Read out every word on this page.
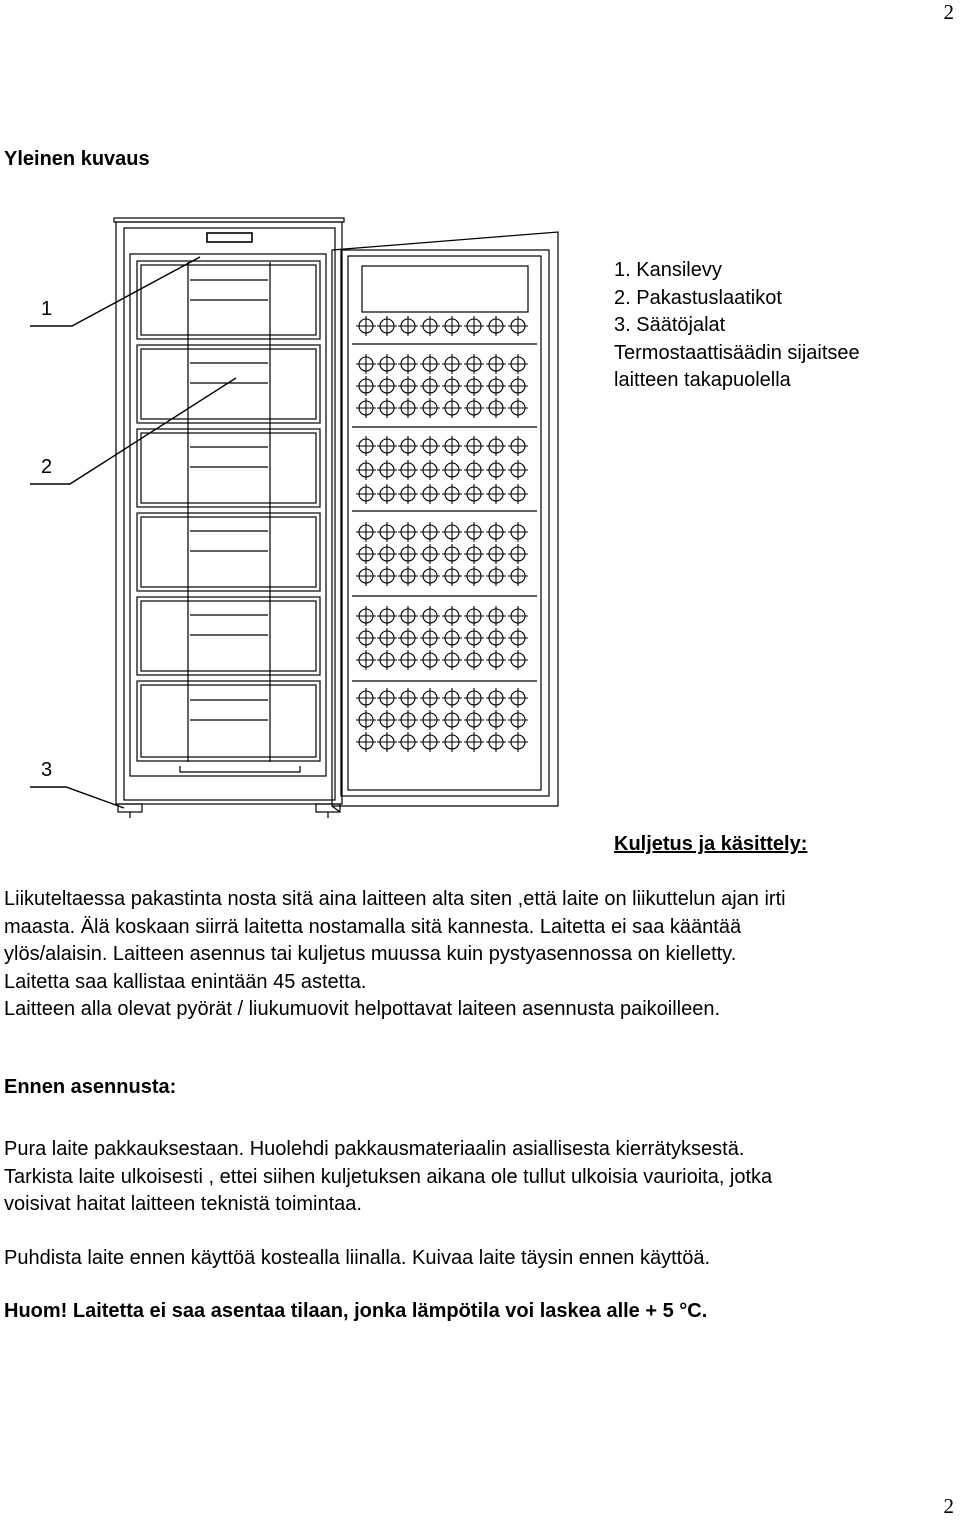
2
2
Yleinen kuvaus
1
2
3
1. Kansilevy
2. Pakastuslaatikot
3. Säätöjalat
Termostaattisäädin sijaitsee
laitteen takapuolella
Kuljetus ja käsittely:
Liikuteltaessa pakastinta nosta sitä aina laitteen alta siten ,että laite on liikuttelun ajan irti
maasta. Älä koskaan siirrä laitetta nostamalla sitä kannesta. Laitetta ei saa kääntää
ylös/alaisin. Laitteen asennus tai kuljetus muussa kuin pystyasennossa on kielletty.
Laitetta saa kallistaa enintään 45 astetta.
Laitteen alla olevat pyörät / liukumuovit helpottavat laiteen asennusta paikoilleen.
Ennen asennusta:
Pura laite pakkauksestaan. Huolehdi pakkausmateriaalin asiallisesta kierrätyksestä.
Tarkista laite ulkoisesti , ettei siihen kuljetuksen aikana ole tullut ulkoisia vaurioita, jotka
voisivat haitat laitteen teknistä toimintaa.
Puhdista laite ennen käyttöä kostealla liinalla. Kuivaa laite täysin ennen käyttöä.
Huom! Laitetta ei saa asentaa tilaan, jonka lämpötila voi laskea alle + 5 °C.
